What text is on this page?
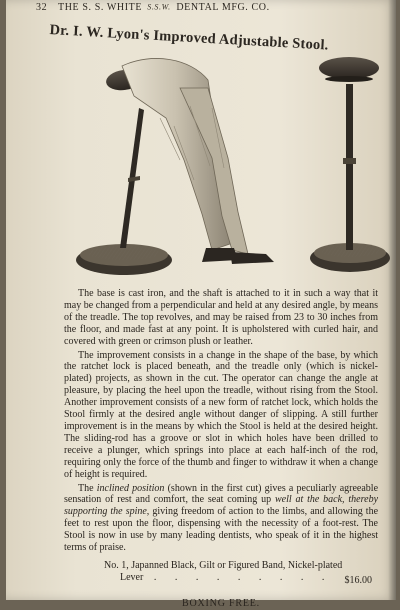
32 THE S. S. WHITE S.S.W. DENTAL MFG. CO.
Dr. I. W. Lyon's Improved Adjustable Stool.

The base is cast iron, and the shaft is attached to it in such a way that it may be changed from a perpendicular and held at any desired angle, by means of the treadle. The top revolves, and may be raised from 23 to 30 inches from the floor, and made fast at any point. It is upholstered with curled hair, and covered with green or crimson plush or leather.

The improvement consists in a change in the shape of the base, by which the ratchet lock is placed beneath, and the treadle only (which is nickel-plated) projects, as shown in the cut. The operator can change the angle at pleasure, by placing the heel upon the treadle, without rising from the Stool. Another improvement consists of a new form of ratchet lock, which holds the Stool firmly at the desired angle without danger of slipping. A still further improvement is in the means by which the Stool is held at the desired height. The sliding-rod has a groove or slot in which holes have been drilled to receive a plunger, which springs into place at each half-inch of the rod, requiring only the force of the thumb and finger to withdraw it when a change of height is required.

The inclined position (shown in the first cut) gives a peculiarly agreeable sensation of rest and comfort, the seat coming up well at the back, thereby supporting the spine, giving freedom of action to the limbs, and allowing the feet to rest upon the floor, dispensing with the necessity of a foot-rest. The Stool is now in use by many leading dentists, who speak of it in the highest terms of praise.

No. 1, Japanned Black, Gilt or Figured Band, Nickel-plated
Lever . . . . . . . . .	$16.00
BOXING FREE.
